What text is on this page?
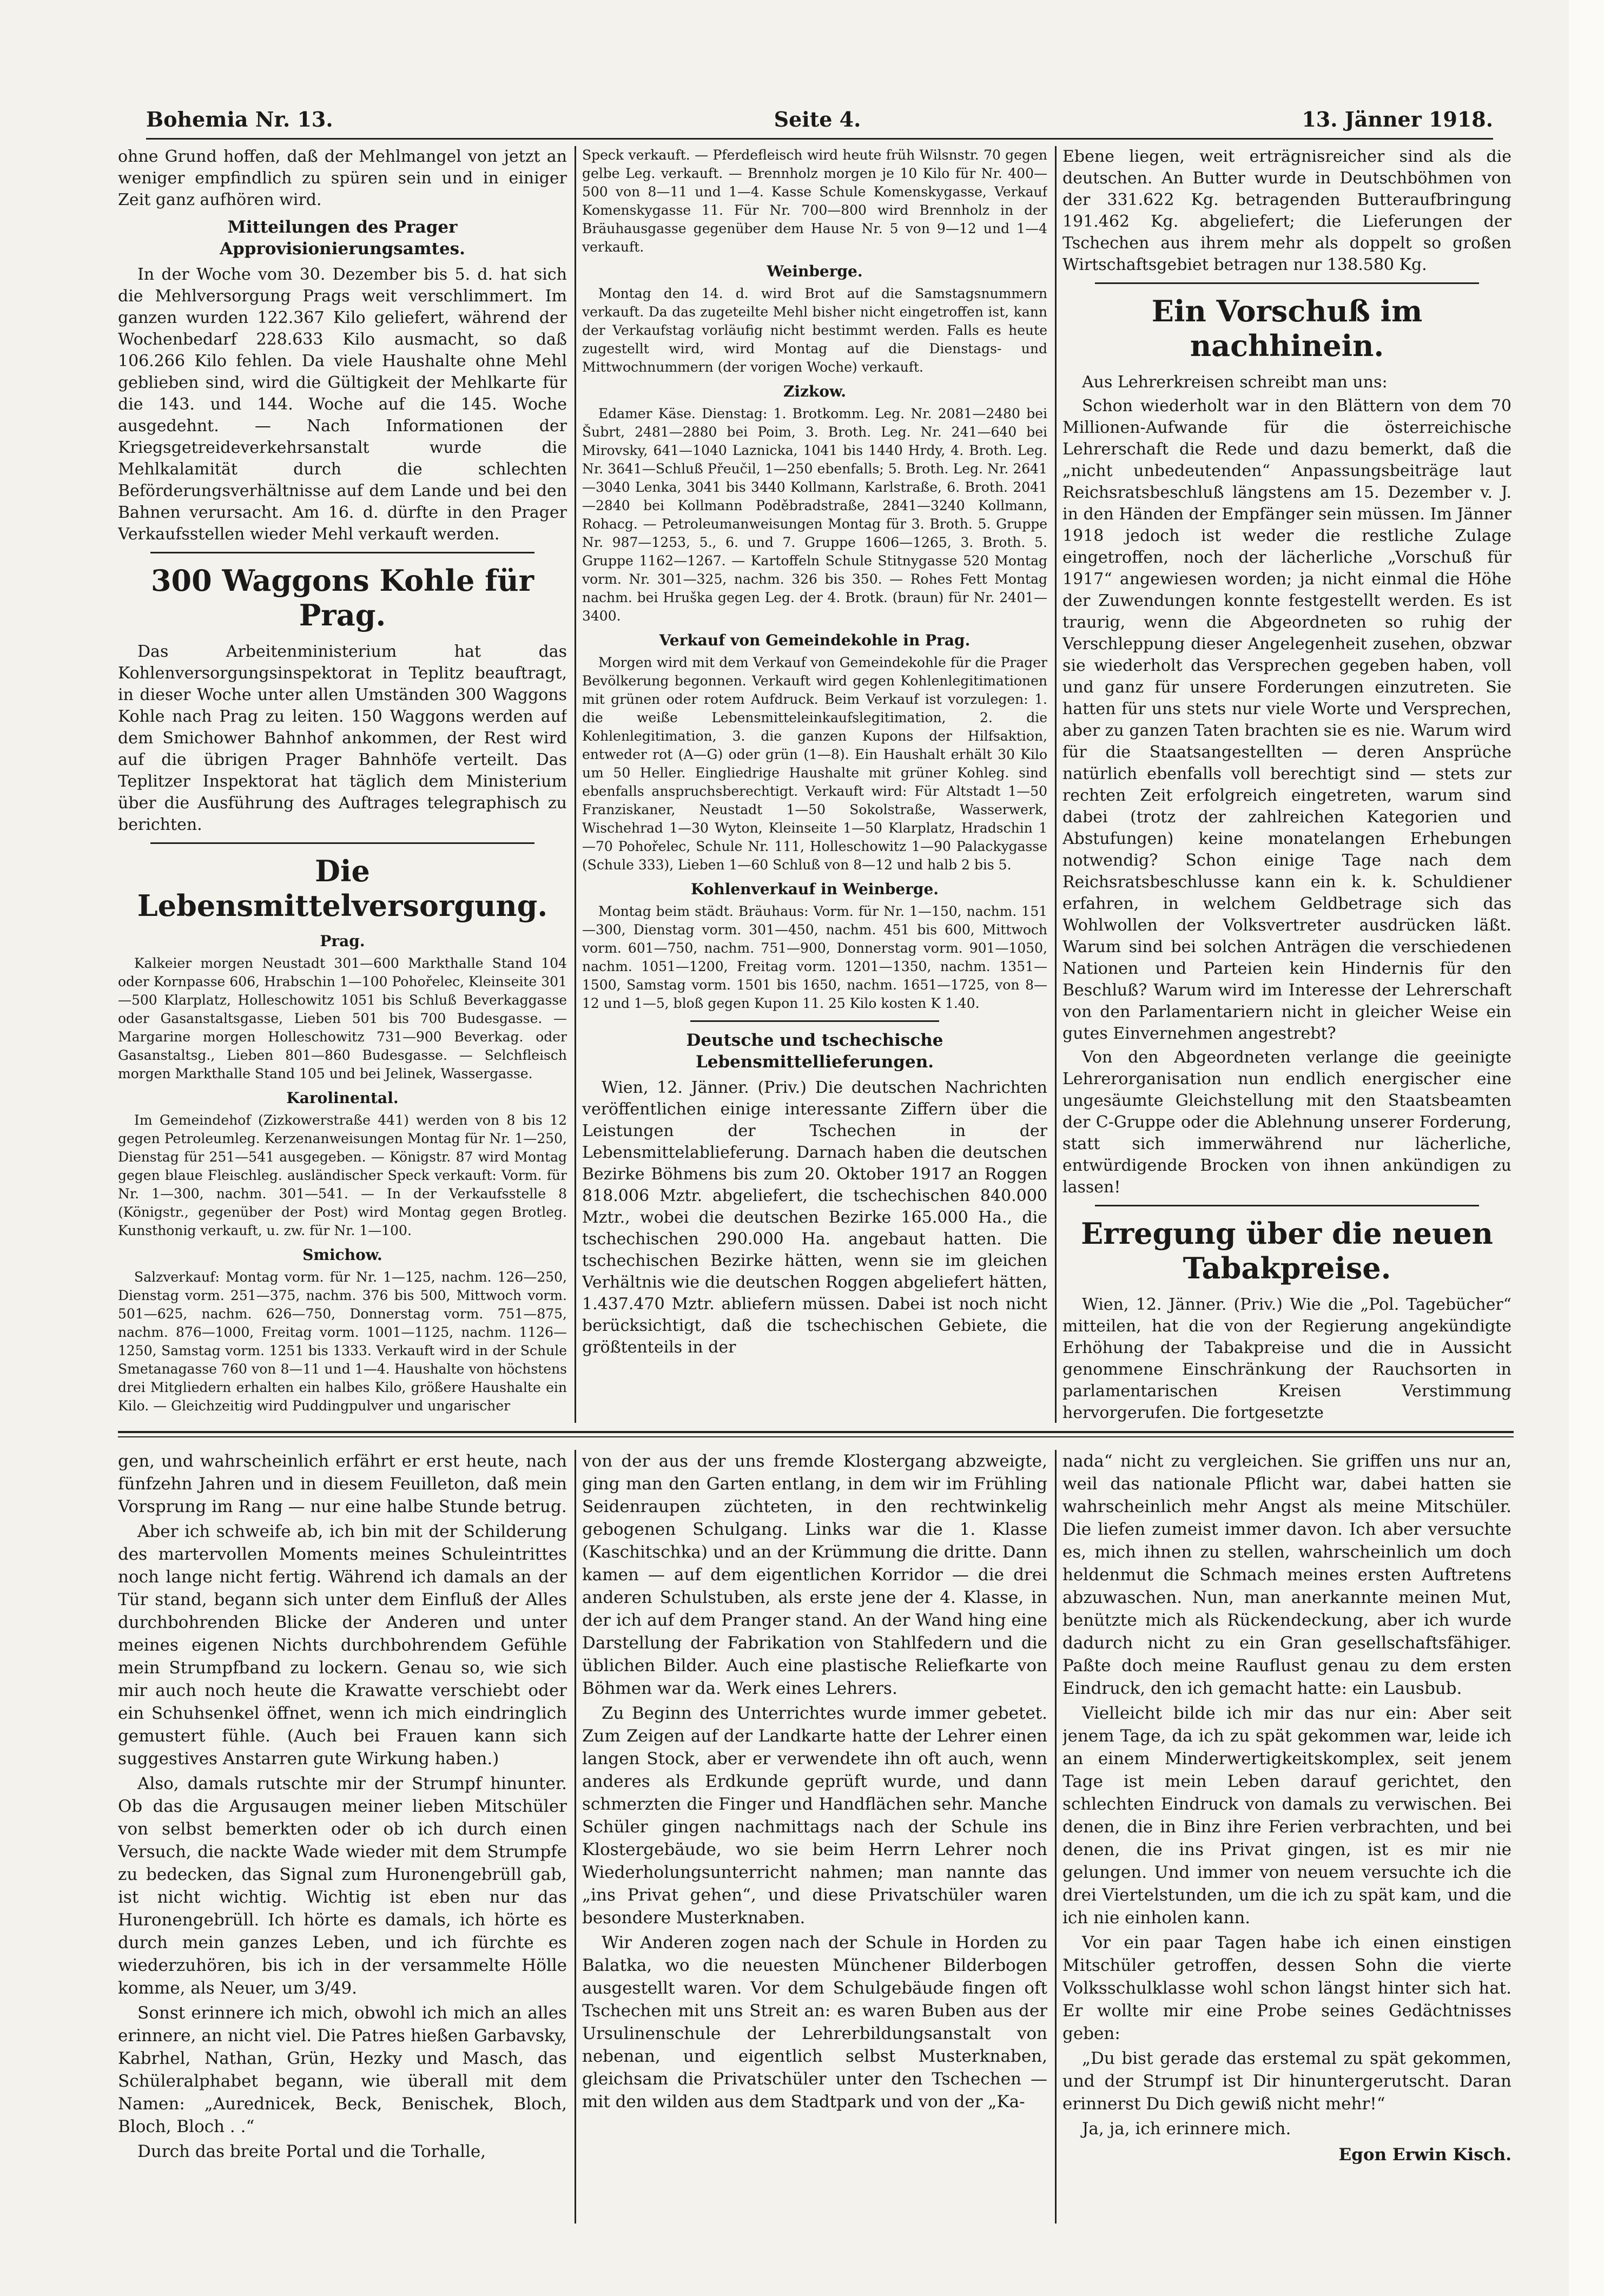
Bohemia Nr. 13.	Seite 4.	13. Jänner 1918.

ohne Grund hoffen, daß der Mehlmangel von jetzt an weniger empfindlich zu spüren sein und in einiger Zeit ganz aufhören wird.

Mitteilungen des Prager Approvisionierungsamtes.

In der Woche vom 30. Dezember bis 5. d. hat sich die Mehlversorgung Prags weit verschlimmert. Im ganzen wurden 122.367 Kilo geliefert, während der Wochenbedarf 228.633 Kilo ausmacht, so daß 106.266 Kilo fehlen. Da viele Haushalte ohne Mehl geblieben sind, wird die Gültigkeit der Mehlkarte für die 143. und 144. Woche auf die 145. Woche ausgedehnt. — Nach Informationen der Kriegsgetreideverkehrsanstalt wurde die Mehlkalamität durch die schlechten Beförderungsverhältnisse auf dem Lande und bei den Bahnen verursacht. Am 16. d. dürfte in den Prager Verkaufsstellen wieder Mehl verkauft werden.

300 Waggons Kohle für Prag.

Das Arbeitenministerium hat das Kohlenversorgungsinspektorat in Teplitz beauftragt, in dieser Woche unter allen Umständen 300 Waggons Kohle nach Prag zu leiten. 150 Waggons werden auf dem Smichower Bahnhof ankommen, der Rest wird auf die übrigen Prager Bahnhöfe verteilt. Das Teplitzer Inspektorat hat täglich dem Ministerium über die Ausführung des Auftrages telegraphisch zu berichten.

Die Lebensmittelversorgung.
Prag.

Kalkeier morgen Neustadt 301—600 Markthalle Stand 104 oder Kornpasse 606, Hrabschin 1—100 Pohořelec, Kleinseite 301—500 Klarplatz, Holleschowitz 1051 bis Schluß Beverkaggasse oder Gasanstaltsgasse, Lieben 501 bis 700 Budesgasse. — Margarine morgen Holleschowitz 731—900 Beverkag. oder Gasanstaltsg., Lieben 801—860 Budesgasse. — Selchfleisch morgen Markthalle Stand 105 und bei Jelinek, Wassergasse.

Karolinental.

Im Gemeindehof (Zizkowerstraße 441) werden von 8 bis 12 gegen Petroleumleg. Kerzenanweisungen Montag für Nr. 1—250, Dienstag für 251—541 ausgegeben. — Königstr. 87 wird Montag gegen blaue Fleischleg. ausländischer Speck verkauft: Vorm. für Nr. 1—300, nachm. 301—541. — In der Verkaufsstelle 8 (Königstr., gegenüber der Post) wird Montag gegen Brotleg. Kunsthonig verkauft, u. zw. für Nr. 1—100.

Smichow.

Salzverkauf: Montag vorm. für Nr. 1—125, nachm. 126—250, Dienstag vorm. 251—375, nachm. 376 bis 500, Mittwoch vorm. 501—625, nachm. 626—750, Donnerstag vorm. 751—875, nachm. 876—1000, Freitag vorm. 1001—1125, nachm. 1126—1250, Samstag vorm. 1251 bis 1333. Verkauft wird in der Schule Smetanagasse 760 von 8—11 und 1—4. Haushalte von höchstens drei Mitgliedern erhalten ein halbes Kilo, größere Haushalte ein Kilo. — Gleichzeitig wird Puddingpulver und ungarischer

Speck verkauft. — Pferdefleisch wird heute früh Wilsnstr. 70 gegen gelbe Leg. verkauft. — Brennholz morgen je 10 Kilo für Nr. 400—500 von 8—11 und 1—4. Kasse Schule Komenskygasse, Verkauf Komenskygasse 11. Für Nr. 700—800 wird Brennholz in der Bräuhausgasse gegenüber dem Hause Nr. 5 von 9—12 und 1—4 verkauft.

Weinberge.

Montag den 14. d. wird Brot auf die Samstagsnummern verkauft. Da das zugeteilte Mehl bisher nicht eingetroffen ist, kann der Verkaufstag vorläufig nicht bestimmt werden. Falls es heute zugestellt wird, wird Montag auf die Dienstags- und Mittwochnummern (der vorigen Woche) verkauft.

Zizkow.

Edamer Käse. Dienstag: 1. Brotkomm. Leg. Nr. 2081—2480 bei Šubrt, 2481—2880 bei Poim, 3. Broth. Leg. Nr. 241—640 bei Mirovsky, 641—1040 Laznicka, 1041 bis 1440 Hrdy, 4. Broth. Leg. Nr. 3641—Schluß Přeučil, 1—250 ebenfalls; 5. Broth. Leg. Nr. 2641—3040 Lenka, 3041 bis 3440 Kollmann, Karlstraße, 6. Broth. 2041—2840 bei Kollmann Poděbradstraße, 2841—3240 Kollmann, Rohacg. — Petroleumanweisungen Montag für 3. Broth. 5. Gruppe Nr. 987—1253, 5., 6. und 7. Gruppe 1606—1265, 3. Broth. 5. Gruppe 1162—1267. — Kartoffeln Schule Stitnygasse 520 Montag vorm. Nr. 301—325, nachm. 326 bis 350. — Rohes Fett Montag nachm. bei Hruška gegen Leg. der 4. Brotk. (braun) für Nr. 2401—3400.

Verkauf von Gemeindekohle in Prag.

Morgen wird mit dem Verkauf von Gemeindekohle für die Prager Bevölkerung begonnen. Verkauft wird gegen Kohlenlegitimationen mit grünen oder rotem Aufdruck. Beim Verkauf ist vorzulegen: 1. die weiße Lebensmitteleinkaufslegitimation, 2. die Kohlenlegitimation, 3. die ganzen Kupons der Hilfsaktion, entweder rot (A—G) oder grün (1—8). Ein Haushalt erhält 30 Kilo um 50 Heller. Eingliedrige Haushalte mit grüner Kohleg. sind ebenfalls anspruchsberechtigt. Verkauft wird: Für Altstadt 1—50 Franziskaner, Neustadt 1—50 Sokolstraße, Wasserwerk, Wischehrad 1—30 Wyton, Kleinseite 1—50 Klarplatz, Hradschin 1—70 Pohořelec, Schule Nr. 111, Holleschowitz 1—90 Palackygasse (Schule 333), Lieben 1—60 Schluß von 8—12 und halb 2 bis 5.

Kohlenverkauf in Weinberge.

Montag beim städt. Bräuhaus: Vorm. für Nr. 1—150, nachm. 151—300, Dienstag vorm. 301—450, nachm. 451 bis 600, Mittwoch vorm. 601—750, nachm. 751—900, Donnerstag vorm. 901—1050, nachm. 1051—1200, Freitag vorm. 1201—1350, nachm. 1351—1500, Samstag vorm. 1501 bis 1650, nachm. 1651—1725, von 8—12 und 1—5, bloß gegen Kupon 11. 25 Kilo kosten K 1.40.

Deutsche und tschechische Lebensmittellieferungen.

Wien, 12. Jänner. (Priv.) Die deutschen Nachrichten veröffentlichen einige interessante Ziffern über die Leistungen der Tschechen in der Lebensmittelablieferung. Darnach haben die deutschen Bezirke Böhmens bis zum 20. Oktober 1917 an Roggen 818.006 Mztr. abgeliefert, die tschechischen 840.000 Mztr., wobei die deutschen Bezirke 165.000 Ha., die tschechischen 290.000 Ha. angebaut hatten. Die tschechischen Bezirke hätten, wenn sie im gleichen Verhältnis wie die deutschen Roggen abgeliefert hätten, 1.437.470 Mztr. abliefern müssen. Dabei ist noch nicht berücksichtigt, daß die tschechischen Gebiete, die größtenteils in der

Ebene liegen, weit erträgnisreicher sind als die deutschen. An Butter wurde in Deutschböhmen von der 331.622 Kg. betragenden Butteraufbringung 191.462 Kg. abgeliefert; die Lieferungen der Tschechen aus ihrem mehr als doppelt so großen Wirtschaftsgebiet betragen nur 138.580 Kg.

Ein Vorschuß im nachhinein.

Aus Lehrerkreisen schreibt man uns:

Schon wiederholt war in den Blättern von dem 70 Millionen-Aufwande für die österreichische Lehrerschaft die Rede und dazu bemerkt, daß die „nicht unbedeutenden“ Anpassungsbeiträge laut Reichsratsbeschluß längstens am 15. Dezember v. J. in den Händen der Empfänger sein müssen. Im Jänner 1918 jedoch ist weder die restliche Zulage eingetroffen, noch der lächerliche „Vorschuß für 1917“ angewiesen worden; ja nicht einmal die Höhe der Zuwendungen konnte festgestellt werden. Es ist traurig, wenn die Abgeordneten so ruhig der Verschleppung dieser Angelegenheit zusehen, obzwar sie wiederholt das Versprechen gegeben haben, voll und ganz für unsere Forderungen einzutreten. Sie hatten für uns stets nur viele Worte und Versprechen, aber zu ganzen Taten brachten sie es nie. Warum wird für die Staatsangestellten — deren Ansprüche natürlich ebenfalls voll berechtigt sind — stets zur rechten Zeit erfolgreich eingetreten, warum sind dabei (trotz der zahlreichen Kategorien und Abstufungen) keine monatelangen Erhebungen notwendig? Schon einige Tage nach dem Reichsratsbeschlusse kann ein k. k. Schuldiener erfahren, in welchem Geldbetrage sich das Wohlwollen der Volksvertreter ausdrücken läßt. Warum sind bei solchen Anträgen die verschiedenen Nationen und Parteien kein Hindernis für den Beschluß? Warum wird im Interesse der Lehrerschaft von den Parlamentariern nicht in gleicher Weise ein gutes Einvernehmen angestrebt?

Von den Abgeordneten verlange die geeinigte Lehrerorganisation nun endlich energischer eine ungesäumte Gleichstellung mit den Staatsbeamten der C-Gruppe oder die Ablehnung unserer Forderung, statt sich immerwährend nur lächerliche, entwürdigende Brocken von ihnen ankündigen zu lassen!

Erregung über die neuen Tabakpreise.

Wien, 12. Jänner. (Priv.) Wie die „Pol. Tagebücher“ mitteilen, hat die von der Regierung angekündigte Erhöhung der Tabakpreise und die in Aussicht genommene Einschränkung der Rauchsorten in parlamentarischen Kreisen Verstimmung hervorgerufen. Die fortgesetzte

gen, und wahrscheinlich erfährt er erst heute, nach fünfzehn Jahren und in diesem Feuilleton, daß mein Vorsprung im Rang — nur eine halbe Stunde betrug.

Aber ich schweife ab, ich bin mit der Schilderung des martervollen Moments meines Schuleintrittes noch lange nicht fertig. Während ich damals an der Tür stand, begann sich unter dem Einfluß der Alles durchbohrenden Blicke der Anderen und unter meines eigenen Nichts durchbohrendem Gefühle mein Strumpfband zu lockern. Genau so, wie sich mir auch noch heute die Krawatte verschiebt oder ein Schuhsenkel öffnet, wenn ich mich eindringlich gemustert fühle. (Auch bei Frauen kann sich suggestives Anstarren gute Wirkung haben.)

Also, damals rutschte mir der Strumpf hinunter. Ob das die Argusaugen meiner lieben Mitschüler von selbst bemerkten oder ob ich durch einen Versuch, die nackte Wade wieder mit dem Strumpfe zu bedecken, das Signal zum Huronengebrüll gab, ist nicht wichtig. Wichtig ist eben nur das Huronengebrüll. Ich hörte es damals, ich hörte es durch mein ganzes Leben, und ich fürchte es wiederzuhören, bis ich in der versammelte Hölle komme, als Neuer, um 3/49.

Sonst erinnere ich mich, obwohl ich mich an alles erinnere, an nicht viel. Die Patres hießen Garbavsky, Kabrhel, Nathan, Grün, Hezky und Masch, das Schüleralphabet begann, wie überall mit dem Namen: „Aurednicek, Beck, Benischek, Bloch, Bloch, Bloch . .“

Durch das breite Portal und die Torhalle,

von der aus der uns fremde Klostergang abzweigte, ging man den Garten entlang, in dem wir im Frühling Seidenraupen züchteten, in den rechtwinkelig gebogenen Schulgang. Links war die 1. Klasse (Kaschitschka) und an der Krümmung die dritte. Dann kamen — auf dem eigentlichen Korridor — die drei anderen Schulstuben, als erste jene der 4. Klasse, in der ich auf dem Pranger stand. An der Wand hing eine Darstellung der Fabrikation von Stahlfedern und die üblichen Bilder. Auch eine plastische Reliefkarte von Böhmen war da. Werk eines Lehrers.

Zu Beginn des Unterrichtes wurde immer gebetet. Zum Zeigen auf der Landkarte hatte der Lehrer einen langen Stock, aber er verwendete ihn oft auch, wenn anderes als Erdkunde geprüft wurde, und dann schmerzten die Finger und Handflächen sehr. Manche Schüler gingen nachmittags nach der Schule ins Klostergebäude, wo sie beim Herrn Lehrer noch Wiederholungsunterricht nahmen; man nannte das „ins Privat gehen“, und diese Privatschüler waren besondere Musterknaben.

Wir Anderen zogen nach der Schule in Horden zu Balatka, wo die neuesten Münchener Bilderbogen ausgestellt waren. Vor dem Schulgebäude fingen oft Tschechen mit uns Streit an: es waren Buben aus der Ursulinenschule der Lehrerbildungsanstalt von nebenan, und eigentlich selbst Musterknaben, gleichsam die Privatschüler unter den Tschechen — mit den wilden aus dem Stadtpark und von der „Ka-

nada“ nicht zu vergleichen. Sie griffen uns nur an, weil das nationale Pflicht war, dabei hatten sie wahrscheinlich mehr Angst als meine Mitschüler. Die liefen zumeist immer davon. Ich aber versuchte es, mich ihnen zu stellen, wahrscheinlich um doch heldenmut die Schmach meines ersten Auftretens abzuwaschen. Nun, man anerkannte meinen Mut, benützte mich als Rückendeckung, aber ich wurde dadurch nicht zu ein Gran gesellschaftsfähiger. Paßte doch meine Rauflust genau zu dem ersten Eindruck, den ich gemacht hatte: ein Lausbub.

Vielleicht bilde ich mir das nur ein: Aber seit jenem Tage, da ich zu spät gekommen war, leide ich an einem Minderwertigkeitskomplex, seit jenem Tage ist mein Leben darauf gerichtet, den schlechten Eindruck von damals zu verwischen. Bei denen, die in Binz ihre Ferien verbrachten, und bei denen, die ins Privat gingen, ist es mir nie gelungen. Und immer von neuem versuchte ich die drei Viertelstunden, um die ich zu spät kam, und die ich nie einholen kann.

Vor ein paar Tagen habe ich einen einstigen Mitschüler getroffen, dessen Sohn die vierte Volksschulklasse wohl schon längst hinter sich hat. Er wollte mir eine Probe seines Gedächtnisses geben:

„Du bist gerade das erstemal zu spät gekommen, und der Strumpf ist Dir hinuntergerutscht. Daran erinnerst Du Dich gewiß nicht mehr!“

Ja, ja, ich erinnere mich.

Egon Erwin Kisch.
